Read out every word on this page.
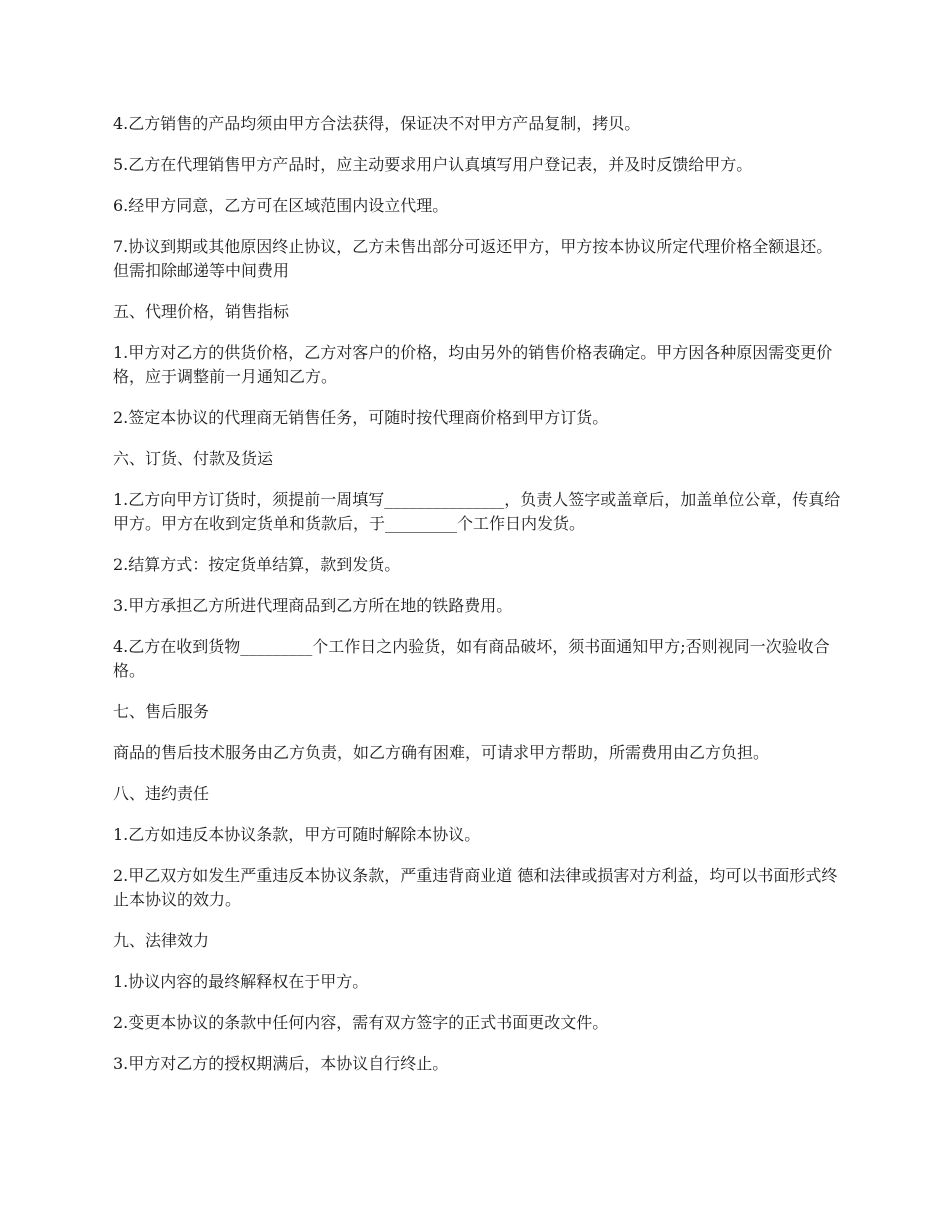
4.乙方销售的产品均须由甲方合法获得，保证决不对甲方产品复制，拷贝。

5.乙方在代理销售甲方产品时，应主动要求用户认真填写用户登记表，并及时反馈给甲方。

6.经甲方同意，乙方可在区域范围内设立代理。

7.协议到期或其他原因终止协议，乙方未售出部分可返还甲方，甲方按本协议所定代理价格全额退还。但需扣除邮递等中间费用

五、代理价格，销售指标

1.甲方对乙方的供货价格，乙方对客户的价格，均由另外的销售价格表确定。甲方因各种原因需变更价格，应于调整前一月通知乙方。

2.签定本协议的代理商无销售任务，可随时按代理商价格到甲方订货。

六、订货、付款及货运

1.乙方向甲方订货时，须提前一周填写_______________，负责人签字或盖章后，加盖单位公章，传真给甲方。甲方在收到定货单和货款后，于_________个工作日内发货。

2.结算方式：按定货单结算，款到发货。

3.甲方承担乙方所进代理商品到乙方所在地的铁路费用。

4.乙方在收到货物_________个工作日之内验货，如有商品破坏，须书面通知甲方;否则视同一次验收合格。

七、售后服务

商品的售后技术服务由乙方负责，如乙方确有困难，可请求甲方帮助，所需费用由乙方负担。

八、违约责任

1.乙方如违反本协议条款，甲方可随时解除本协议。

2.甲乙双方如发生严重违反本协议条款，严重违背商业道 德和法律或损害对方利益，均可以书面形式终止本协议的效力。

九、法律效力

1.协议内容的最终解释权在于甲方。

2.变更本协议的条款中任何内容，需有双方签字的正式书面更改文件。

3.甲方对乙方的授权期满后，本协议自行终止。
